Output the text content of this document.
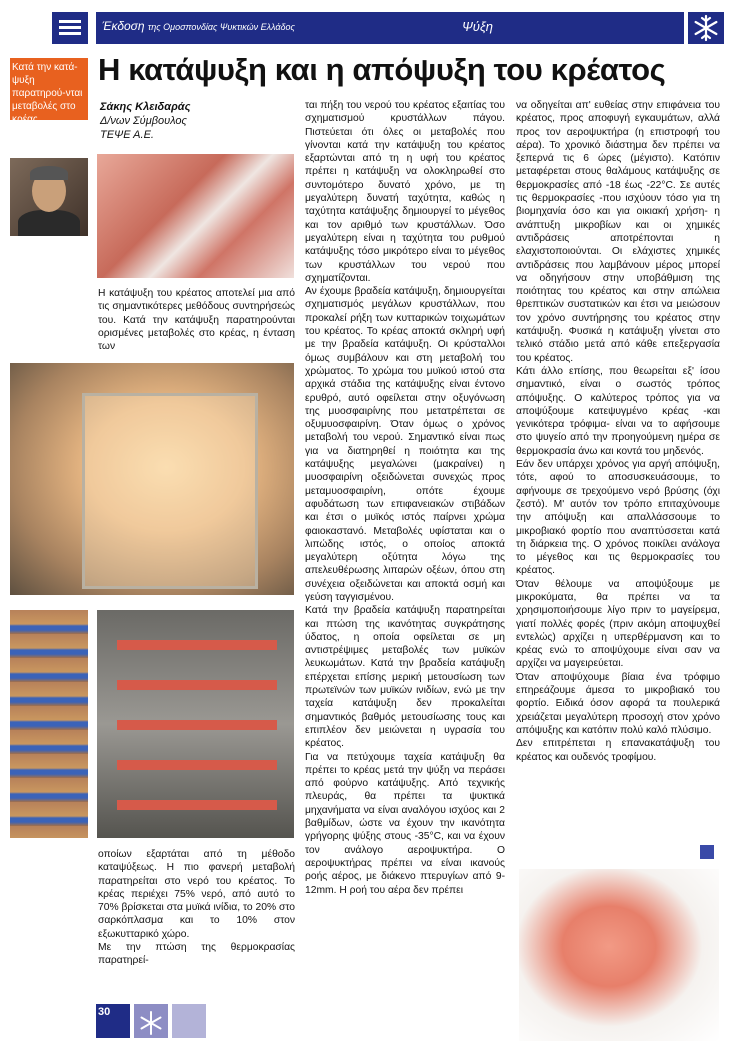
Έκδοση της Ομοσπονδίας Ψυκτικών Ελλάδος	Ψύξη
Κατά την κατά-ψυξη παρατηρού-νται μεταβολές στο κρέας
Η κατάψυξη και η απόψυξη του κρέατος
Σάκης Κλειδαράς
Δ/νων Σύμβουλος
ΤΕΨΕ Α.Ε.

Η κατάψυξη του κρέατος αποτελεί μια από τις σημαντικότερες μεθόδους συντηρήσεώς του. Κατά την κατάψυξη παρατηρούνται ορισμένες μεταβολές στο κρέας, η ένταση των

οποίων εξαρτάται από τη μέθοδο καταψύξεως. Η πιο φανερή μεταβολή παρατηρείται στο νερό του κρέατος. Το κρέας περιέχει 75% νερό, από αυτό το 70% βρίσκεται στα μυϊκά ινίδια, το 20% στο σαρκόπλασμα και το 10% στον εξωκυτταρικό χώρο.

Με την πτώση της θερμοκρασίας παρατηρεί-

ται πήξη του νερού του κρέατος εξαιτίας του σχηματισμού κρυστάλλων πάγου. Πιστεύεται ότι όλες οι μεταβολές που γίνονται κατά την κατάψυξη του κρέατος εξαρτώνται από τη η υφή του κρέατος πρέπει η κατάψυξη να ολοκληρωθεί στο συντομότερο δυνατό χρόνο, με τη μεγαλύτερη δυνατή ταχύτητα, καθώς η ταχύτητα κατάψυξης δημιουργεί το μέγεθος και τον αριθμό των κρυστάλλων. Όσο μεγαλύτερη είναι η ταχύτητα του ρυθμού κατάψυξης τόσο μικρότερο είναι το μέγεθος των κρυστάλλων του νερού που σχηματίζονται.

Αν έχουμε βραδεία κατάψυξη, δημιουργείται σχηματισμός μεγάλων κρυστάλλων, που προκαλεί ρήξη των κυτταρικών τοιχωμάτων του κρέατος. Το κρέας αποκτά σκληρή υφή με την βραδεία κατάψυξη. Οι κρύσταλλοι όμως συμβάλουν και στη μεταβολή του χρώματος. Το χρώμα του μυϊκού ιστού στα αρχικά στάδια της κατάψυξης είναι έντονο ερυθρό, αυτό οφείλεται στην οξυγόνωση της μυοσφαιρίνης που μετατρέπεται σε οξυμυοσφαιρίνη. Όταν όμως ο χρόνος μεταβολή του νερού. Σημαντικό είναι πως για να διατηρηθεί η ποιότητα και της κατάψυξης μεγαλώνει (μακραίνει) η μυοσφαιρίνη οξειδώνεται συνεχώς προς μεταμυοσφαιρίνη, οπότε έχουμε αφυδάτωση των επιφανειακών στιβάδων και έτσι ο μυϊκός ιστός παίρνει χρώμα φαιοκαστανό. Μεταβολές υφίσταται και ο λιπώδης ιστός, ο οποίος αποκτά μεγαλύτερη οξύτητα λόγω της απελευθέρωσης λιπαρών οξέων, όπου στη συνέχεια οξειδώνεται και αποκτά οσμή και γεύση ταγγισμένου.

Κατά την βραδεία κατάψυξη παρατηρείται και πτώση της ικανότητας συγκράτησης ύδατος, η οποία οφείλεται σε μη αντιστρέψιμες μεταβολές των μυϊκών λευκωμάτων. Κατά την βραδεία κατάψυξη επέρχεται επίσης μερική μετουσίωση των πρωτεϊνών των μυϊκών ινιδίων, ενώ με την ταχεία κατάψυξη δεν προκαλείται σημαντικός βαθμός μετουσίωσης τους και επιπλέον δεν μειώνεται η υγρασία του κρέατος.

Για να πετύχουμε ταχεία κατάψυξη θα πρέπει το κρέας μετά την ψύξη να περάσει από φούρνο κατάψυξης. Από τεχνικής πλευράς, θα πρέπει τα ψυκτικά μηχανήματα να είναι αναλόγου ισχύος και 2 βαθμίδων, ώστε να έχουν την ικανότητα γρήγορης ψύξης στους -35°C, και να έχουν τον ανάλογο αεροψυκτήρα. Ο αεροψυκτήρας πρέπει να είναι ικανούς ροής αέρος, με διάκενο πτερυγίων από 9-12mm. Η ροή του αέρα δεν πρέπει

να οδηγείται απ' ευθείας στην επιφάνεια του κρέατος, προς αποφυγή εγκαυμάτων, αλλά προς τον αεροψυκτήρα (η επιστροφή του αέρα). Το χρονικό διάστημα δεν πρέπει να ξεπερνά τις 6 ώρες (μέγιστο). Κατόπιν μεταφέρεται στους θαλάμους κατάψυξης σε θερμοκρασίες από -18 έως -22°C. Σε αυτές τις θερμοκρασίες -που ισχύουν τόσο για τη βιομηχανία όσο και για οικιακή χρήση- η ανάπτυξη μικροβίων και οι χημικές αντιδράσεις αποτρέπονται η ελαχιστοποιούνται. Οι ελάχιστες χημικές αντιδράσεις που λαμβάνουν μέρος μπορεί να οδηγήσουν στην υποβάθμιση της ποιότητας του κρέατος και στην απώλεια θρεπτικών συστατικών και έτσι να μειώσουν τον χρόνο συντήρησης του κρέατος στην κατάψυξη. Φυσικά η κατάψυξη γίνεται στο τελικό στάδιο μετά από κάθε επεξεργασία του κρέατος.

Κάτι άλλο επίσης, που θεωρείται εξ' ίσου σημαντικό, είναι ο σωστός τρόπος απόψυξης. Ο καλύτερος τρόπος για να αποψύξουμε κατεψυγμένο κρέας -και γενικότερα τρόφιμα- είναι να το αφήσουμε στο ψυγείο από την προηγούμενη ημέρα σε θερμοκρασία άνω και κοντά του μηδενός.

Εάν δεν υπάρχει χρόνος για αργή απόψυξη, τότε, αφού το αποσυσκευάσουμε, το αφήνουμε σε τρεχούμενο νερό βρύσης (όχι ζεστό). Μ' αυτόν τον τρόπο επιταχύνουμε την απόψυξη και απαλλάσσουμε το μικροβιακό φορτίο που αναπτύσσεται κατά τη διάρκεια της. Ο χρόνος ποικίλει ανάλογα το μέγεθος και τις θερμοκρασίες του κρέατος.

Όταν θέλουμε να αποψύξουμε με μικροκύματα, θα πρέπει να τα χρησιμοποιήσουμε λίγο πριν το μαγείρεμα, γιατί πολλές φορές (πριν ακόμη αποψυχθεί εντελώς) αρχίζει η υπερθέρμανση και το κρέας ενώ το αποψύχουμε είναι σαν να αρχίζει να μαγειρεύεται.

Όταν αποψύχουμε βίαια ένα τρόφιμο επηρεάζουμε άμεσα το μικροβιακό του φορτίο. Ειδικά όσον αφορά τα πουλερικά χρειάζεται μεγαλύτερη προσοχή στον χρόνο απόψυξης και κατόπιν πολύ καλό πλύσιμο.

Δεν επιτρέπεται η επανακατάψυξη του κρέατος και ουδενός τροφίμου.

30
